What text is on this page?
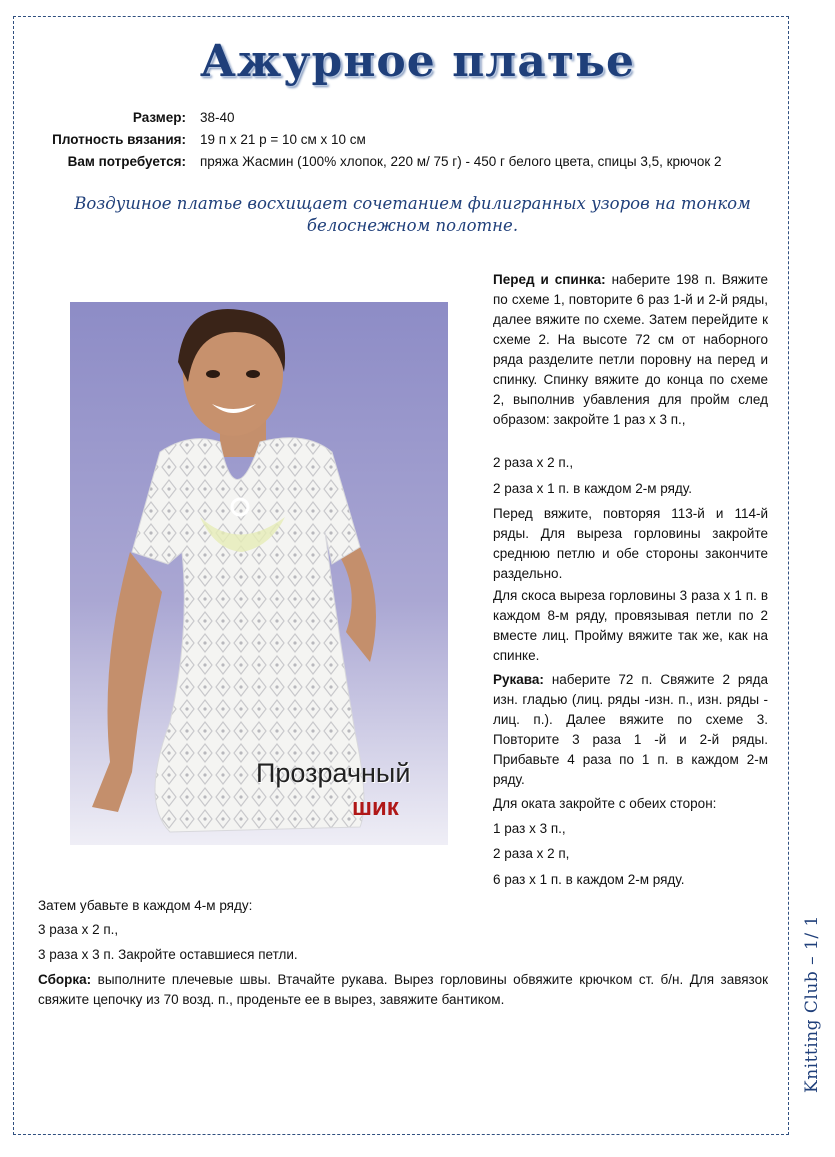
Ажурное платье
Размер:	38-40
Плотность вязания:	19 п х 21 р = 10 см х 10 см
Вам потребуется:	пряжа Жасмин (100% хлопок, 220 м/ 75 г) - 450 г белого цвета, спицы 3,5, крючок 2
Воздушное платье восхищает сочетанием филигранных узоров на тонком белоснежном полотне.
Прозрачный
шик

Перед и спинка: наберите 198 п. Вяжите по схеме 1, повторите 6 раз 1-й и 2-й ряды, далее вяжите по схеме. Затем перейдите к схеме 2. На высоте 72 см от наборного ряда разделите петли поровну на перед и спинку. Спинку вяжите до конца по схеме 2, выполнив убавления для пройм след образом: закройте 1 раз х 3 п.,

2 раза х 2 п.,
2 раза х 1 п. в каждом 2-м ряду.
Перед вяжите, повторяя 113-й и 114-й ряды. Для выреза горловины закройте среднюю петлю и обе стороны закончите раздельно.
Для скоса выреза горловины 3 раза х 1 п. в каждом 8-м ряду, провязывая петли по 2 вместе лиц. Пройму вяжите так же, как на спинке.

Рукава: наберите 72 п. Свяжите 2 ряда изн. гладью (лиц. ряды -изн. п., изн. ряды - лиц. п.). Далее вяжите по схеме 3. Повторите 3 раза 1 -й и 2-й ряды. Прибавьте 4 раза по 1 п. в каждом 2-м ряду.

Для оката закройте с обеих сторон:
1 раз х 3 п.,
2 раза х 2 п,
6 раз х 1 п. в каждом 2-м ряду.
Затем убавьте в каждом 4-м ряду:
3 раза х 2 п.,
3 раза х 3 п. Закройте оставшиеся петли.

Сборка: выполните плечевые швы. Втачайте рукава. Вырез горловины обвяжите крючком ст. б/н. Для завязок свяжите цепочку из 70 возд. п., проденьте ее в вырез, завяжите бантиком.	Knitting Club – 1/ 1
